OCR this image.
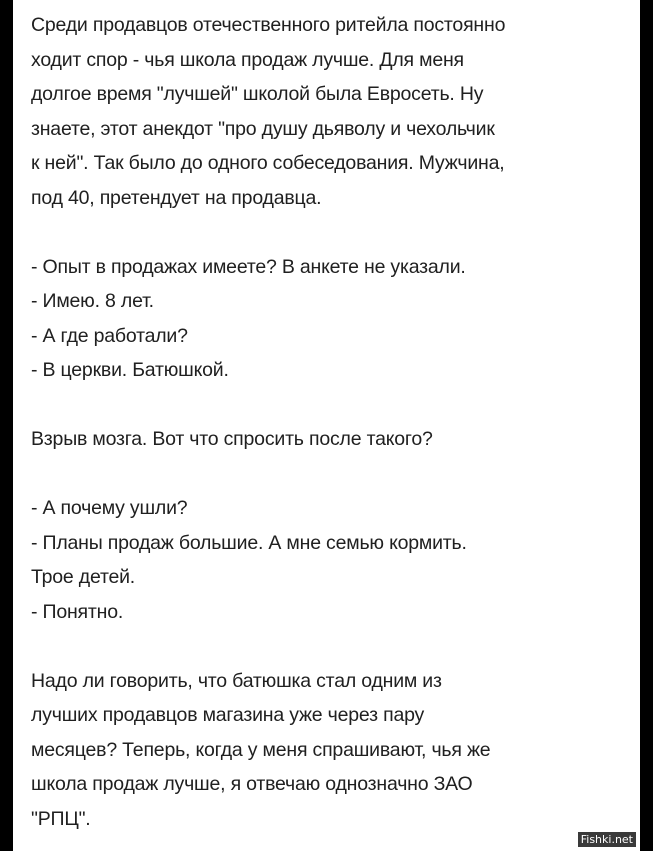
Среди продавцов отечественного ритейла постоянно
ходит спор - чья школа продаж лучше. Для меня
долгое время "лучшей" школой была Евросеть. Ну
знаете, этот анекдот "про душу дьяволу и чехольчик
к ней". Так было до одного собеседования. Мужчина,
под 40, претендует на продавца.
- Опыт в продажах имеете? В анкете не указали.
- Имею. 8 лет.
- А где работали?
- В церкви. Батюшкой.
Взрыв мозга. Вот что спросить после такого?
- А почему ушли?
- Планы продаж большие. А мне семью кормить.
Трое детей.
- Понятно.
Надо ли говорить, что батюшка стал одним из
лучших продавцов магазина уже через пару
месяцев? Теперь, когда у меня спрашивают, чья же
школа продаж лучше, я отвечаю однозначно ЗАО
"РПЦ".
Fishki.net
